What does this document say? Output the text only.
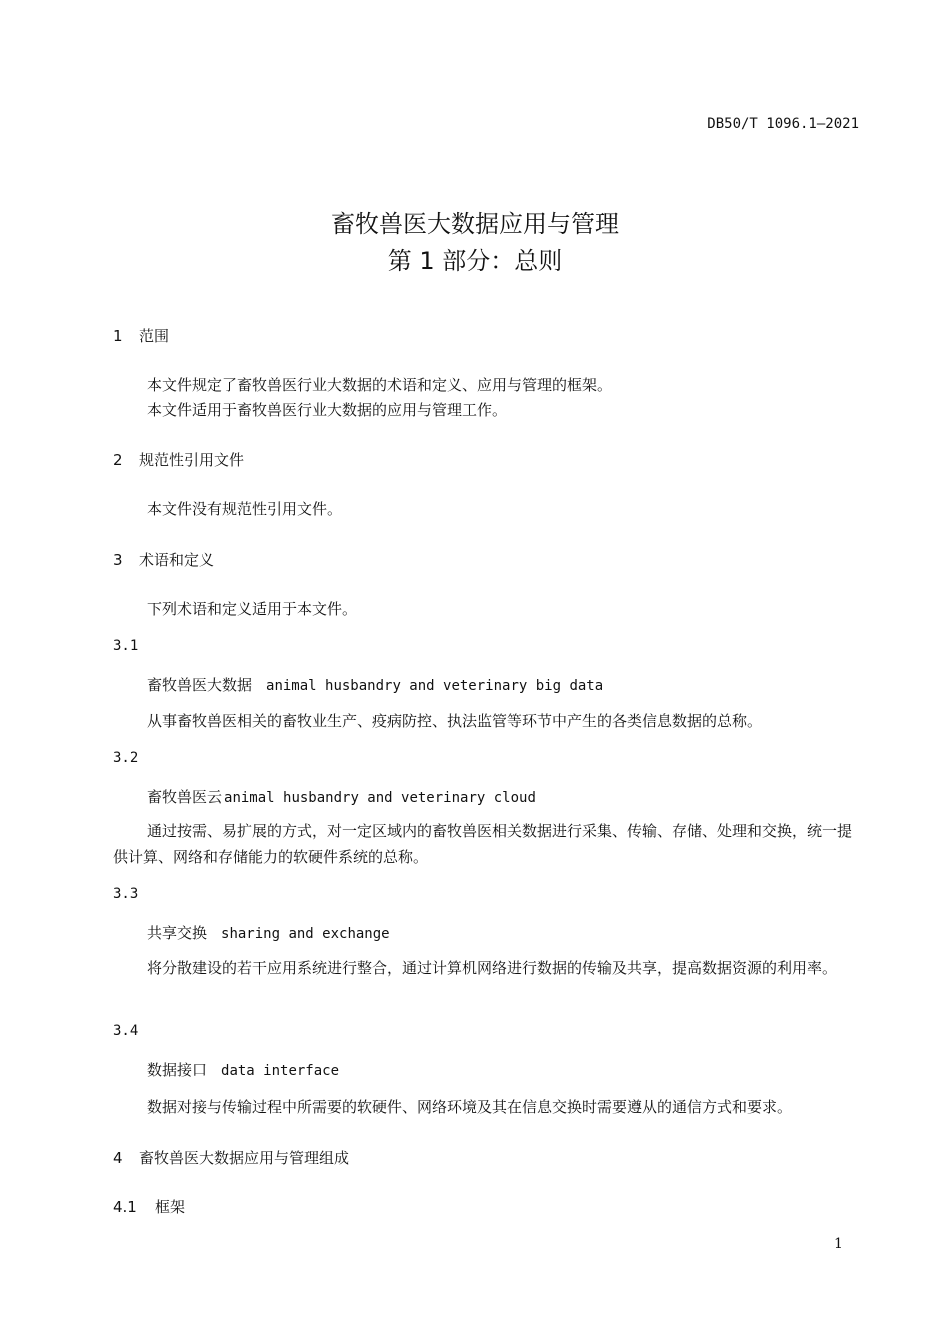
DB50/T 1096.1—2021
畜牧兽医大数据应用与管理
第 1 部分：总则
1 范围
本文件规定了畜牧兽医行业大数据的术语和定义、应用与管理的框架。
本文件适用于畜牧兽医行业大数据的应用与管理工作。
2 规范性引用文件
本文件没有规范性引用文件。
3 术语和定义
下列术语和定义适用于本文件。
3.1
畜牧兽医大数据 animal husbandry and veterinary big data
从事畜牧兽医相关的畜牧业生产、疫病防控、执法监管等环节中产生的各类信息数据的总称。
3.2
畜牧兽医云 animal husbandry and veterinary cloud
通过按需、易扩展的方式，对一定区域内的畜牧兽医相关数据进行采集、传输、存储、处理和交换，统一提供计算、网络和存储能力的软硬件系统的总称。
3.3
共享交换 sharing and exchange
将分散建设的若干应用系统进行整合，通过计算机网络进行数据的传输及共享，提高数据资源的利用率。
3.4
数据接口 data interface
数据对接与传输过程中所需要的软硬件、网络环境及其在信息交换时需要遵从的通信方式和要求。
4 畜牧兽医大数据应用与管理组成
4.1 框架
1
